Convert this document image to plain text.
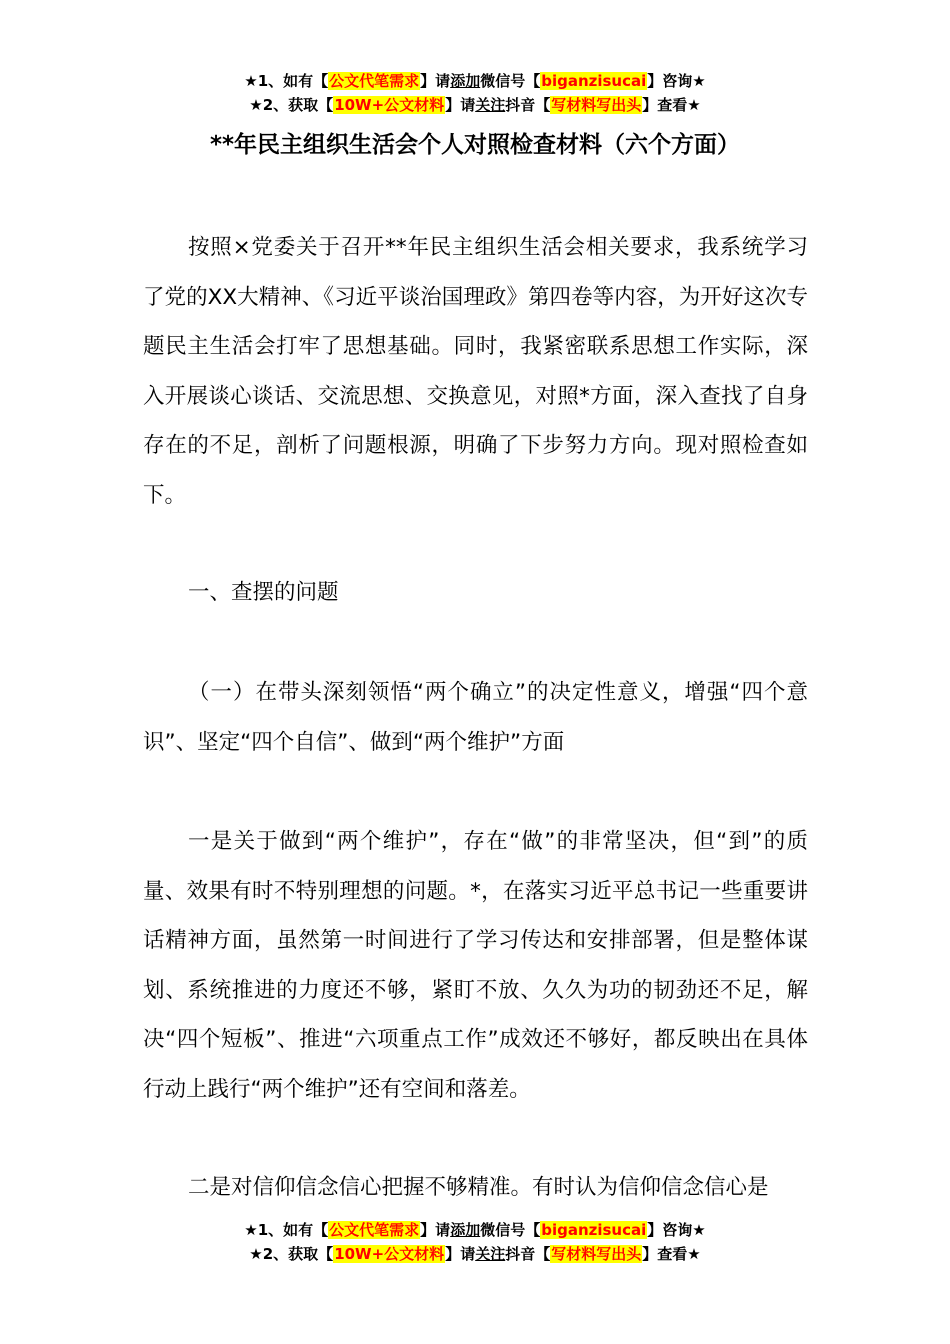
★1、如有【公文代笔需求】请添加微信号【biganzisucai】咨询★
★2、获取【10W+公文材料】请关注抖音【写材料写出头】查看★
**年民主组织生活会个人对照检查材料（六个方面）

按照×党委关于召开**年民主组织生活会相关要求，我系统学习了党的XX大精神、《习近平谈治国理政》第四卷等内容，为开好这次专题民主生活会打牢了思想基础。同时，我紧密联系思想工作实际，深入开展谈心谈话、交流思想、交换意见，对照*方面，深入查找了自身存在的不足，剖析了问题根源，明确了下步努力方向。现对照检查如下。

一、查摆的问题

（一）在带头深刻领悟“两个确立”的决定性意义，增强“四个意识”、坚定“四个自信”、做到“两个维护”方面

一是关于做到“两个维护”，存在“做”的非常坚决，但“到”的质量、效果有时不特别理想的问题。*，在落实习近平总书记一些重要讲话精神方面，虽然第一时间进行了学习传达和安排部署，但是整体谋划、系统推进的力度还不够，紧盯不放、久久为功的韧劲还不足，解决“四个短板”、推进“六项重点工作”成效还不够好，都反映出在具体行动上践行“两个维护”还有空间和落差。

二是对信仰信念信心把握不够精准。有时认为信仰信念信心是

★1、如有【公文代笔需求】请添加微信号【biganzisucai】咨询★
★2、获取【10W+公文材料】请关注抖音【写材料写出头】查看★
